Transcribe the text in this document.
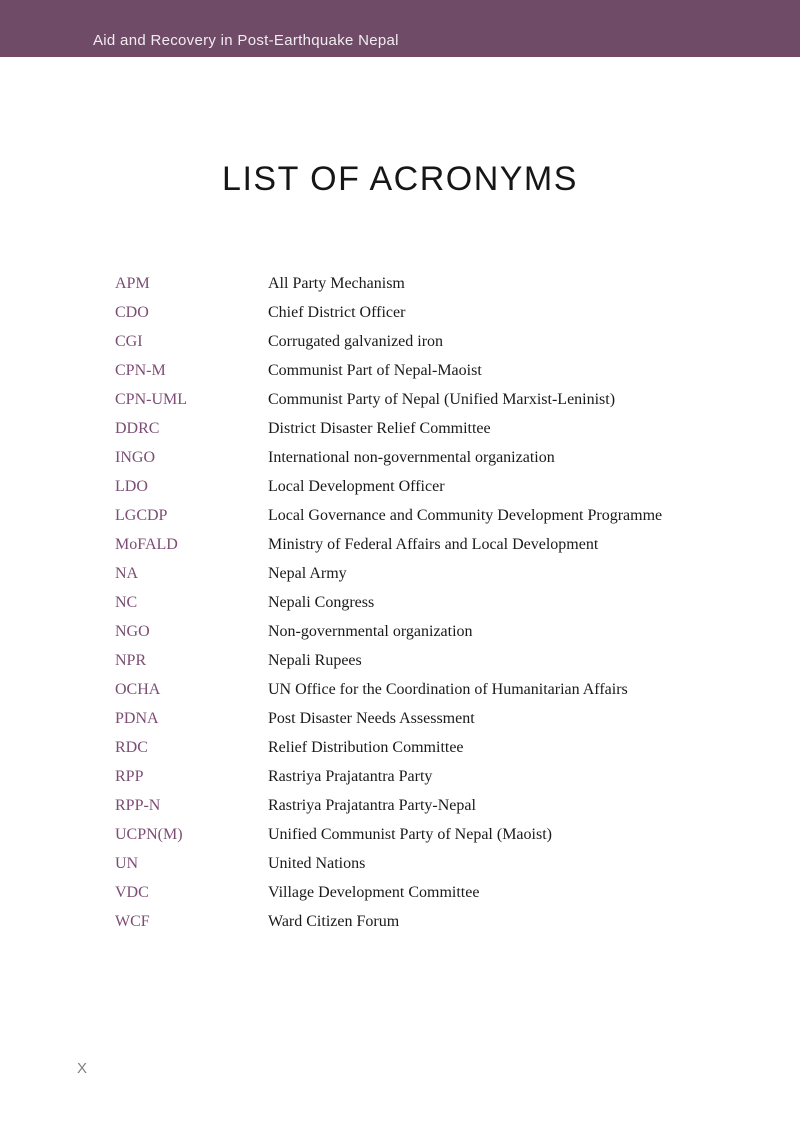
Aid and Recovery in Post-Earthquake Nepal
LIST OF ACRONYMS
APM	All Party Mechanism
CDO	Chief District Officer
CGI	Corrugated galvanized iron
CPN-M	Communist Part of Nepal-Maoist
CPN-UML	Communist Party of Nepal (Unified Marxist-Leninist)
DDRC	District Disaster Relief Committee
INGO	International non-governmental organization
LDO	Local Development Officer
LGCDP	Local Governance and Community Development Programme
MoFALD	Ministry of Federal Affairs and Local Development
NA	Nepal Army
NC	Nepali Congress
NGO	Non-governmental organization
NPR	Nepali Rupees
OCHA	UN Office for the Coordination of Humanitarian Affairs
PDNA	Post Disaster Needs Assessment
RDC	Relief Distribution Committee
RPP	Rastriya Prajatantra Party
RPP-N	Rastriya Prajatantra Party-Nepal
UCPN(M)	Unified Communist Party of Nepal (Maoist)
UN	United Nations
VDC	Village Development Committee
WCF	Ward Citizen Forum
X
